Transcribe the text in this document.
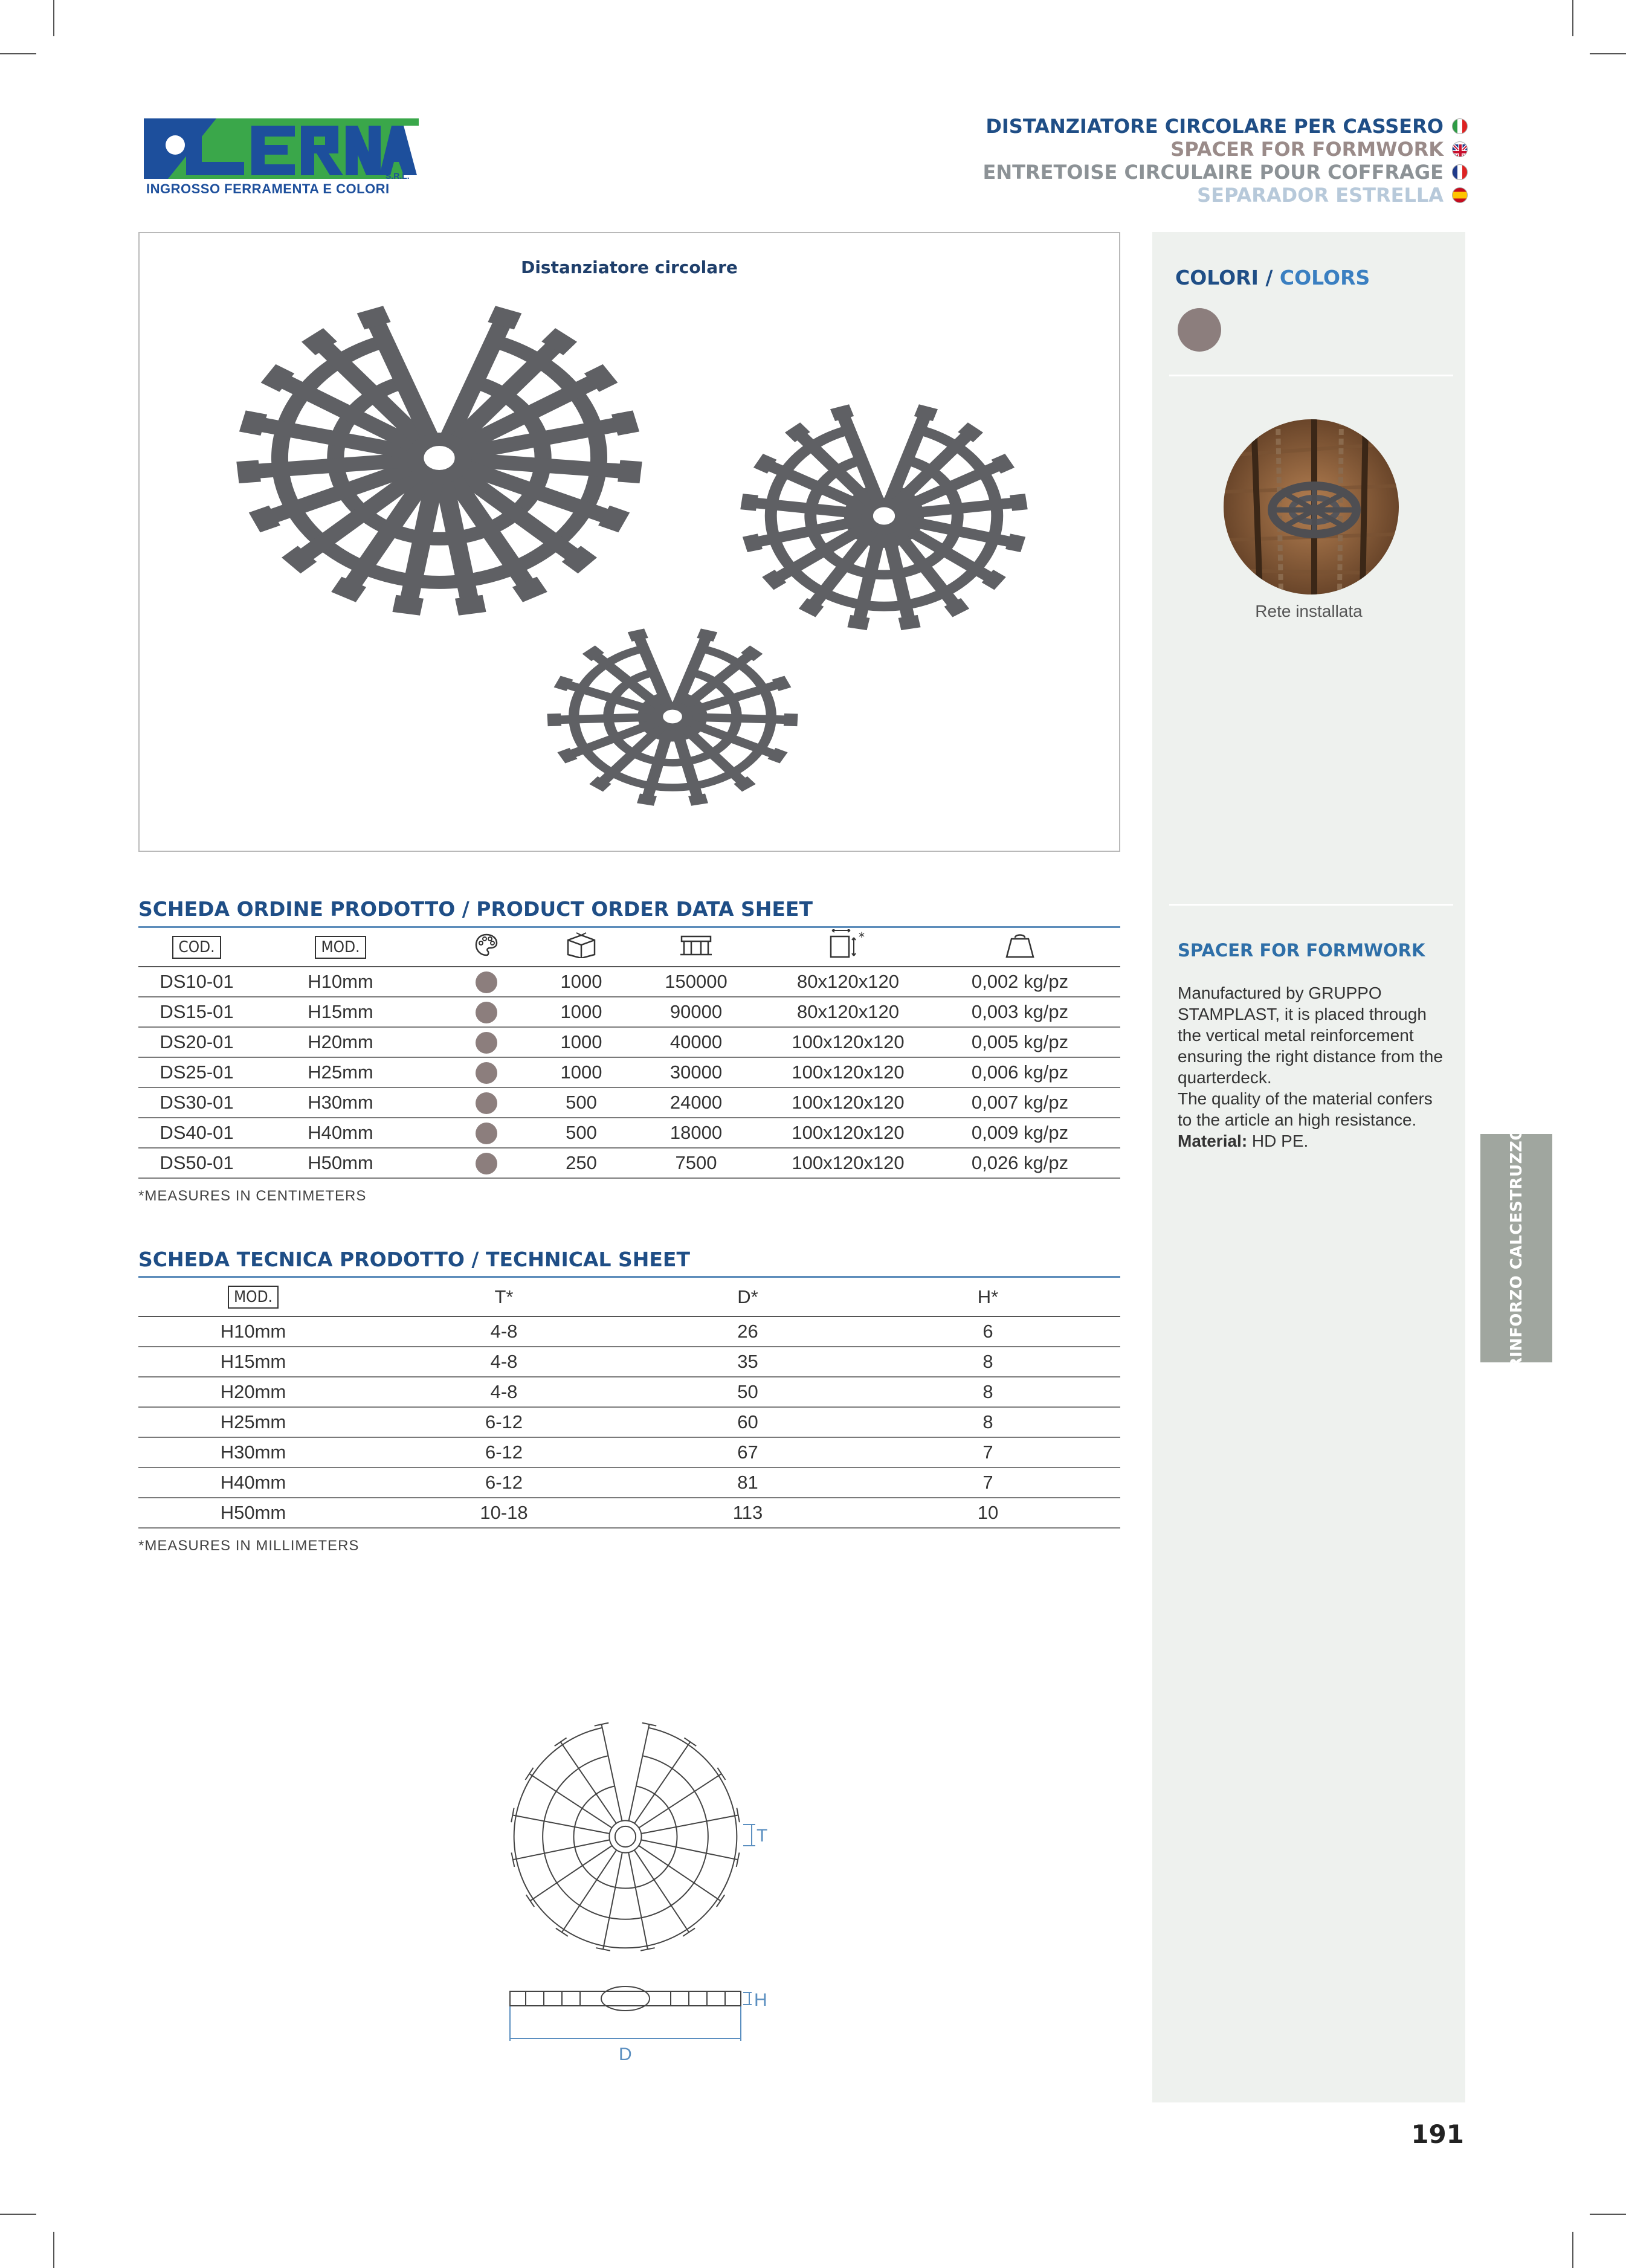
S.R.L.
INGROSSO FERRAMENTA E COLORI
DISTANZIATORE CIRCOLARE PER CASSERO
SPACER FOR FORMWORK
ENTRETOISE CIRCULAIRE POUR COFFRAGE
SEPARADOR ESTRELLA
Distanziatore circolare	COLORI / COLORS
Rete installata
SPACER FOR FORMWORK

Manufactured by GRUPPO STAMPLAST, it is placed through the vertical metal reinforcement ensuring the right distance from the quarterdeck.

The quality of the material confers to the article an high resistance.

Material: HD PE.	RINFORZO CALCESTRUZZO
SCHEDA ORDINE PRODOTTO / PRODUCT ORDER DATA SHEET
COD.	MOD.				*

DS10-01	H10mm		1000	150000	80x120x120	0,002 kg/pz
DS15-01	H15mm		1000	90000	80x120x120	0,003 kg/pz
DS20-01	H20mm		1000	40000	100x120x120	0,005 kg/pz
DS25-01	H25mm		1000	30000	100x120x120	0,006 kg/pz
DS30-01	H30mm		500	24000	100x120x120	0,007 kg/pz
DS40-01	H40mm		500	18000	100x120x120	0,009 kg/pz
DS50-01	H50mm		250	7500	100x120x120	0,026 kg/pz
*MEASURES IN CENTIMETERS
SCHEDA TECNICA PRODOTTO / TECHNICAL SHEET
MOD.	T*	D*	H*
H10mm	4-8	26	6
H15mm	4-8	35	8
H20mm	4-8	50	8
H25mm	6-12	60	8
H30mm	6-12	67	7
H40mm	6-12	81	7
H50mm	10-18	113	10
*MEASURES IN MILLIMETERS
T
H
D
191
